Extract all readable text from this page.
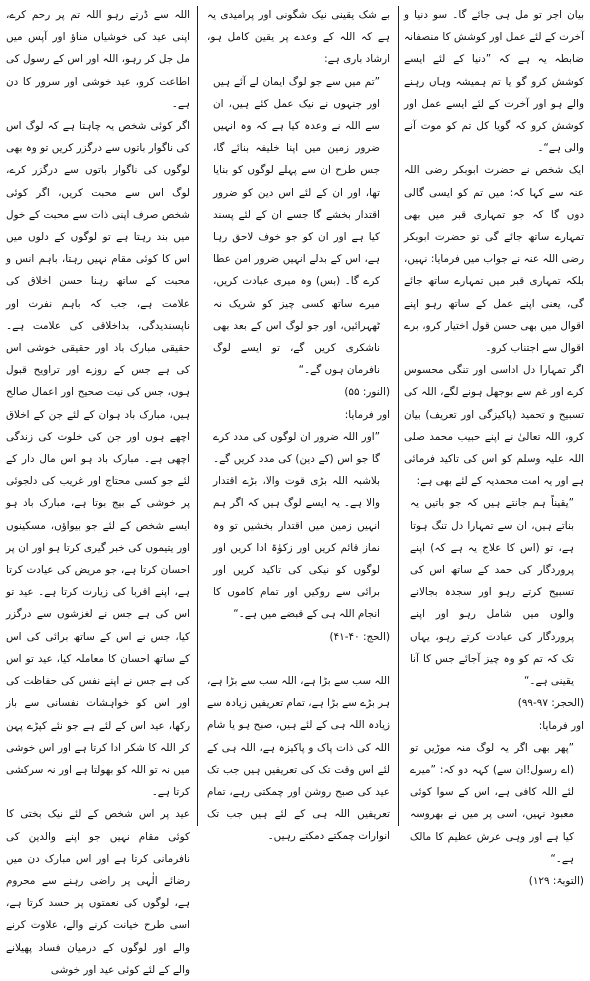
بیان اجر تو مل ہی جائے گا۔ سو دنیا و آخرت کے لئے عمل اور کوشش کا منصفانہ ضابطہ یہ ہے کہ ”دنیا کے لئے ایسے کوشش کرو گو یا تم ہمیشہ وہاں رہنے والے ہو اور آخرت کے لئے ایسے عمل اور کوشش کرو کہ گویا کل تم کو موت آنے والی ہے“۔

ایک شخص نے حضرت ابوبکر رضی اللہ عنہ سے کہا کہ: میں تم کو ایسی گالی دوں گا کہ جو تمہاری قبر میں بھی تمہارے ساتھ جائے گی تو حضرت ابوبکر رضی اللہ عنہ نے جواب میں فرمایا: نہیں، بلکہ تمہاری قبر میں تمہارے ساتھ جائے گی، یعنی اپنے عمل کے ساتھ رہو اپنے اقوال میں بھی حسن قول اختیار کرو، برے اقوال سے اجتناب کرو۔

اگر تمہارا دل اداسی اور تنگی محسوس کرے اور غم سے بوجھل ہونے لگے، اللہ کی تسبیح و تحمید (پاکیزگی اور تعریف) بیان کرو، اللہ تعالیٰ نے اپنے حبیب محمد صلی اللہ علیہ وسلم کو اس کی تاکید فرمائی ہے اور یہ امت محمدیہ کے لئے بھی ہے:

”یقیناً ہم جانتے ہیں کہ جو باتیں یہ بناتے ہیں، ان سے تمہارا دل تنگ ہوتا ہے، تو (اس کا علاج یہ ہے کہ) اپنے پروردگار کی حمد کے ساتھ اس کی تسبیح کرتے رہو اور سجدہ بجالانے والوں میں شامل رہو اور اپنے پروردگار کی عبادت کرتے رہو، یہاں تک کہ تم کو وہ چیز آجائے جس کا آنا یقینی ہے۔“

(الحجر: ۹۷-۹۹)

اور فرمایا:

”پھر بھی اگر یہ لوگ منہ موڑیں تو (اے رسول!ان سے) کہہ دو کہ: ”میرے لئے اللہ کافی ہے، اس کے سوا کوئی معبود نہیں، اسی پر میں نے بھروسہ کیا ہے اور وہی عرش عظیم کا مالک ہے۔“

(التوبۃ: ۱۲۹)

بے شک یقینی نیک شگونی اور پرامیدی یہ ہے کہ اللہ کے وعدے پر یقین کامل ہو، ارشاد باری ہے:

”تم میں سے جو لوگ ایمان لے آئے ہیں اور جنہوں نے نیک عمل کئے ہیں، ان سے اللہ نے وعدہ کیا ہے کہ وہ انہیں ضرور زمین میں اپنا خلیفہ بنائے گا، جس طرح ان سے پہلے لوگوں کو بنایا تھا، اور ان کے لئے اس دین کو ضرور اقتدار بخشے گا جسے ان کے لئے پسند کیا ہے اور ان کو جو خوف لاحق رہا ہے، اس کے بدلے انہیں ضرور امن عطا کرے گا۔ (بس) وہ میری عبادت کریں، میرے ساتھ کسی چیز کو شریک نہ ٹھہرائیں، اور جو لوگ اس کے بعد بھی ناشکری کریں گے، تو ایسے لوگ نافرمان ہوں گے۔“

(النور: ۵۵)

اور فرمایا:

”اور اللہ ضرور ان لوگوں کی مدد کرے گا جو اس (کے دین) کی مدد کریں گے۔ بلاشبہ اللہ بڑی قوت والا، بڑے اقتدار والا ہے۔ یہ ایسے لوگ ہیں کہ اگر ہم انہیں زمین میں اقتدار بخشیں تو وہ نماز قائم کریں اور زکوٰۃ ادا کریں اور لوگوں کو نیکی کی تاکید کریں اور برائی سے روکیں اور تمام کاموں کا انجام اللہ ہی کے قبضے میں ہے۔“

(الحج: ۴۰-۴۱)

اللہ سب سے بڑا ہے، اللہ سب سے بڑا ہے، ہر بڑے سے بڑا ہے، تمام تعریفیں زیادہ سے زیادہ اللہ ہی کے لئے ہیں، صبح ہو یا شام اللہ کی ذات پاک و پاکیزہ ہے، اللہ ہی کے لئے اس وقت تک کی تعریفیں ہیں جب تک عید کی صبح روشن اور چمکتی رہے، تمام تعریفیں اللہ ہی کے لئے ہیں جب تک انوارات چمکتے دمکتے رہیں۔

اللہ سے ڈرتے رہو اللہ تم پر رحم کرے، اپنی عید کی خوشیاں مناؤ اور آپس میں مل جل کر رہو، اللہ اور اس کے رسول کی اطاعت کرو، عید خوشی اور سرور کا دن ہے۔

اگر کوئی شخص یہ چاہتا ہے کہ لوگ اس کی ناگوار باتوں سے درگزر کریں تو وہ بھی لوگوں کی ناگوار باتوں سے درگزر کرے، لوگ اس سے محبت کریں، اگر کوئی شخص صرف اپنی ذات سے محبت کے خول میں بند رہتا ہے تو لوگوں کے دلوں میں اس کا کوئی مقام نہیں رہتا، باہم انس و محبت کے ساتھ رہنا حسن اخلاق کی علامت ہے، جب کہ باہم نفرت اور ناپسندیدگی، بداخلاقی کی علامت ہے۔ حقیقی مبارک باد اور حقیقی خوشی اس کی ہے جس کے روزے اور تراویح قبول ہوں، جس کی نیت صحیح اور اعمال صالح ہیں، مبارک باد ہوان کے لئے جن کے اخلاق اچھے ہوں اور جن کی خلوت کی زندگی اچھی ہے۔ مبارک باد ہو اس مال دار کے لئے جو کسی محتاج اور غریب کی دلجوئی پر خوشی کے بیج بوتا ہے، مبارک باد ہو ایسے شخص کے لئے جو بیواؤں، مسکینوں اور یتیموں کی خبر گیری کرتا ہو اور ان پر احسان کرتا ہے، جو مریض کی عیادت کرتا ہے، اپنے اقربا کی زیارت کرتا ہے۔ عید تو اس کی ہے جس نے لغزشوں سے درگزر کیا، جس نے اس کے ساتھ برائی کی اس کے ساتھ احسان کا معاملہ کیا، عید تو اس کی ہے جس نے اپنے نفس کی حفاظت کی اور اس کو خواہشات نفسانی سے باز رکھا، عید اس کے لئے ہے جو نئے کپڑے پہن کر اللہ کا شکر ادا کرتا ہے اور اس خوشی میں نہ تو اللہ کو بھولتا ہے اور نہ سرکشی کرتا ہے۔

عید پر اس شخص کے لئے نیک بختی کا کوئی مقام نہیں جو اپنے والدین کی نافرمانی کرتا ہے اور اس مبارک دن میں رضائے الٰہی پر راضی رہنے سے محروم ہے، لوگوں کی نعمتوں پر حسد کرتا ہے، اسی طرح خیانت کرنے والے، علاوت کرنے والے اور لوگوں کے درمیان فساد پھیلانے والے کے لئے کوئی عید اور خوشی
